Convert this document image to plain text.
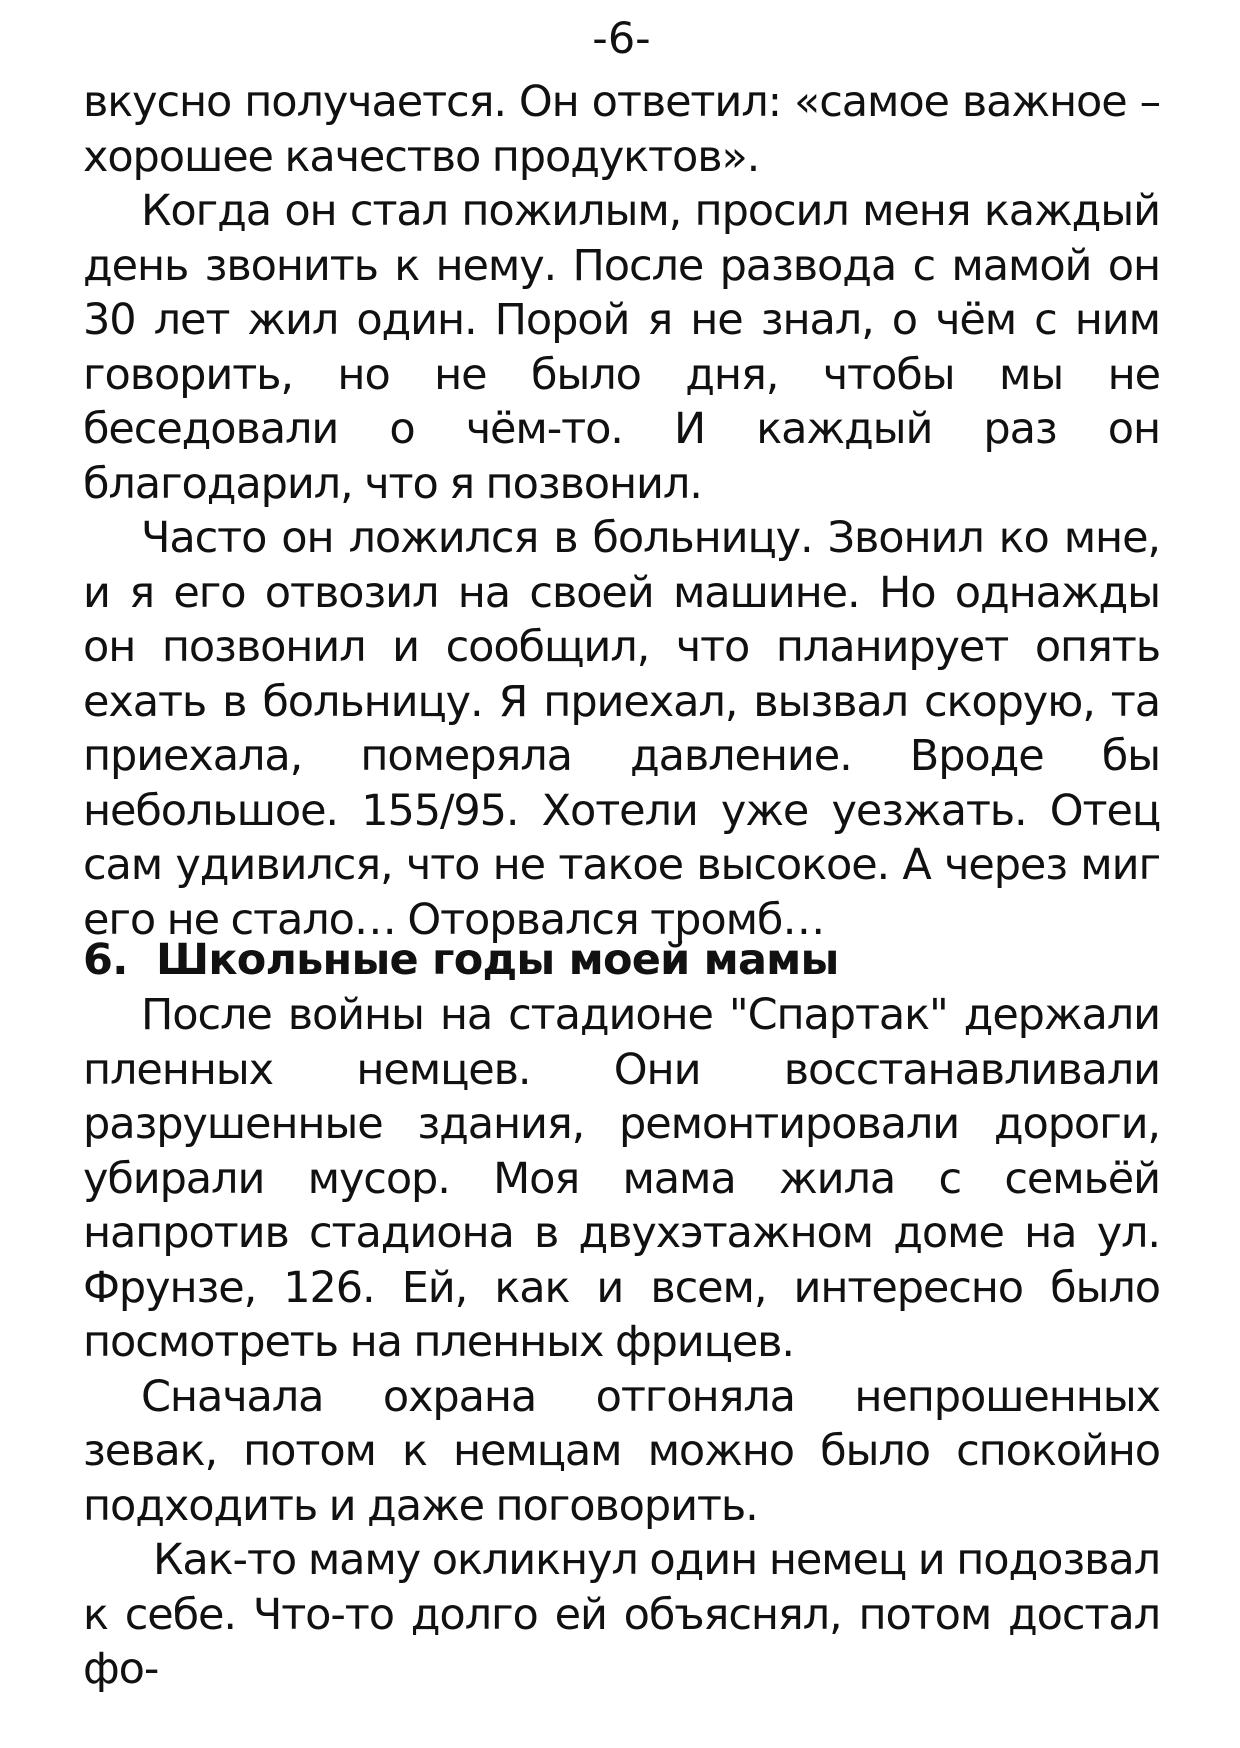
-6-

вкусно получается. Он ответил: «самое важное – хорошее качество продуктов».

Когда он стал пожилым, просил меня каждый день звонить к нему. После развода с мамой он 30 лет жил один. Порой я не знал, о чём с ним говорить, но не было дня, чтобы мы не беседовали о чём-то. И каждый раз он благодарил, что я позвонил.

Часто он ложился в больницу. Звонил ко мне, и я его отвозил на своей машине. Но однажды он позвонил и сообщил, что планирует опять ехать в больницу. Я приехал, вызвал скорую, та приехала, померяла давление. Вроде бы небольшое. 155/95. Хотели уже уезжать. Отец сам удивился, что не такое высокое. А через миг его не стало… Оторвался тромб…

6. Школьные годы моей мамы

После войны на стадионе "Спартак" держали пленных немцев. Они восстанавливали разрушенные здания, ремонтировали дороги, убирали мусор. Моя мама жила с семьёй напротив стадиона в двухэтажном доме на ул. Фрунзе, 126. Ей, как и всем, интересно было посмотреть на пленных фрицев.

Сначала охрана отгоняла непрошенных зевак, потом к немцам можно было спокойно подходить и даже поговорить.

Как-то маму окликнул один немец и подозвал к себе. Что-то долго ей объяснял, потом достал фо-
